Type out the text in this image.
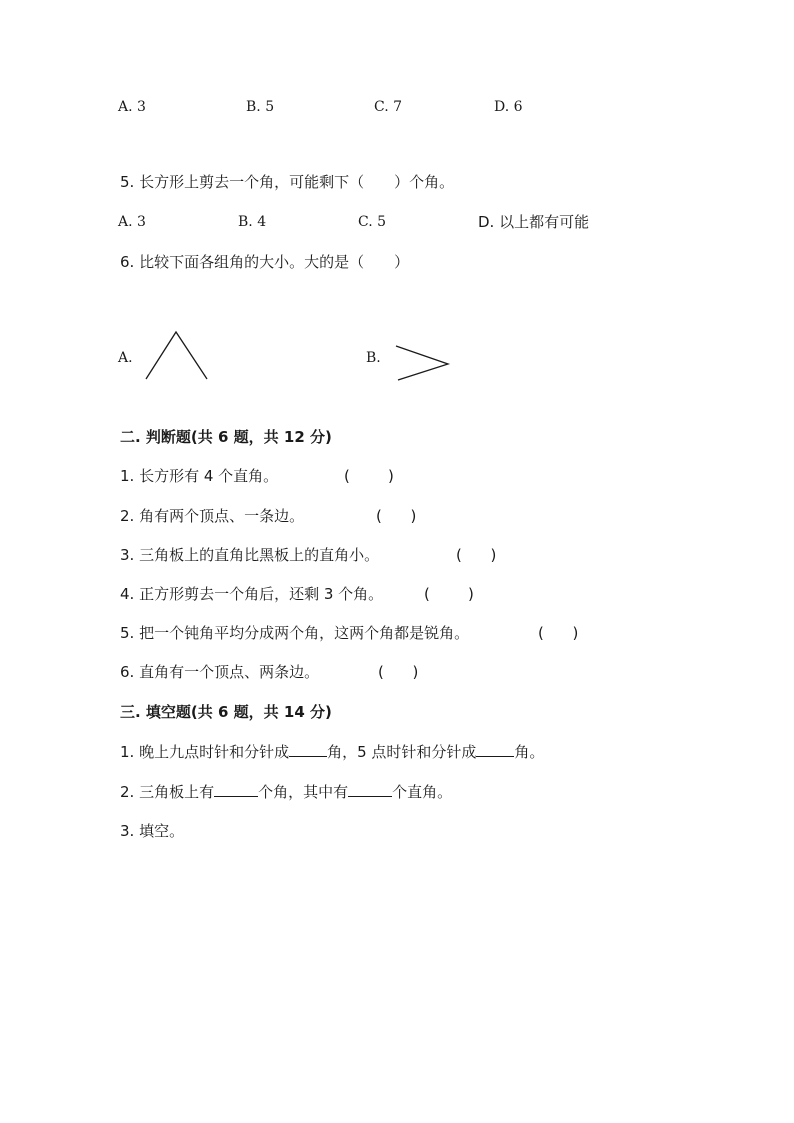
A. 3	B. 5	C. 7	D. 6
5. 长方形上剪去一个角，可能剩下（　　）个角。
A. 3	B. 4	C. 5	D. 以上都有可能
6. 比较下面各组角的大小。大的是（　　）
A.	B.
二. 判断题(共 6 题，共 12 分)
1. 长方形有 4 个直角。	(        )
2. 角有两个顶点、一条边。	(      )
3. 三角板上的直角比黑板上的直角小。	(      )
4. 正方形剪去一个角后，还剩 3 个角。	(        )
5. 把一个钝角平均分成两个角，这两个角都是锐角。	(      )
6. 直角有一个顶点、两条边。	(      )
三. 填空题(共 6 题，共 14 分)
1. 晚上九点时针和分针成	角，5 点时针和分针成	角。
2. 三角板上有	个角，其中有	个直角。
3. 填空。
